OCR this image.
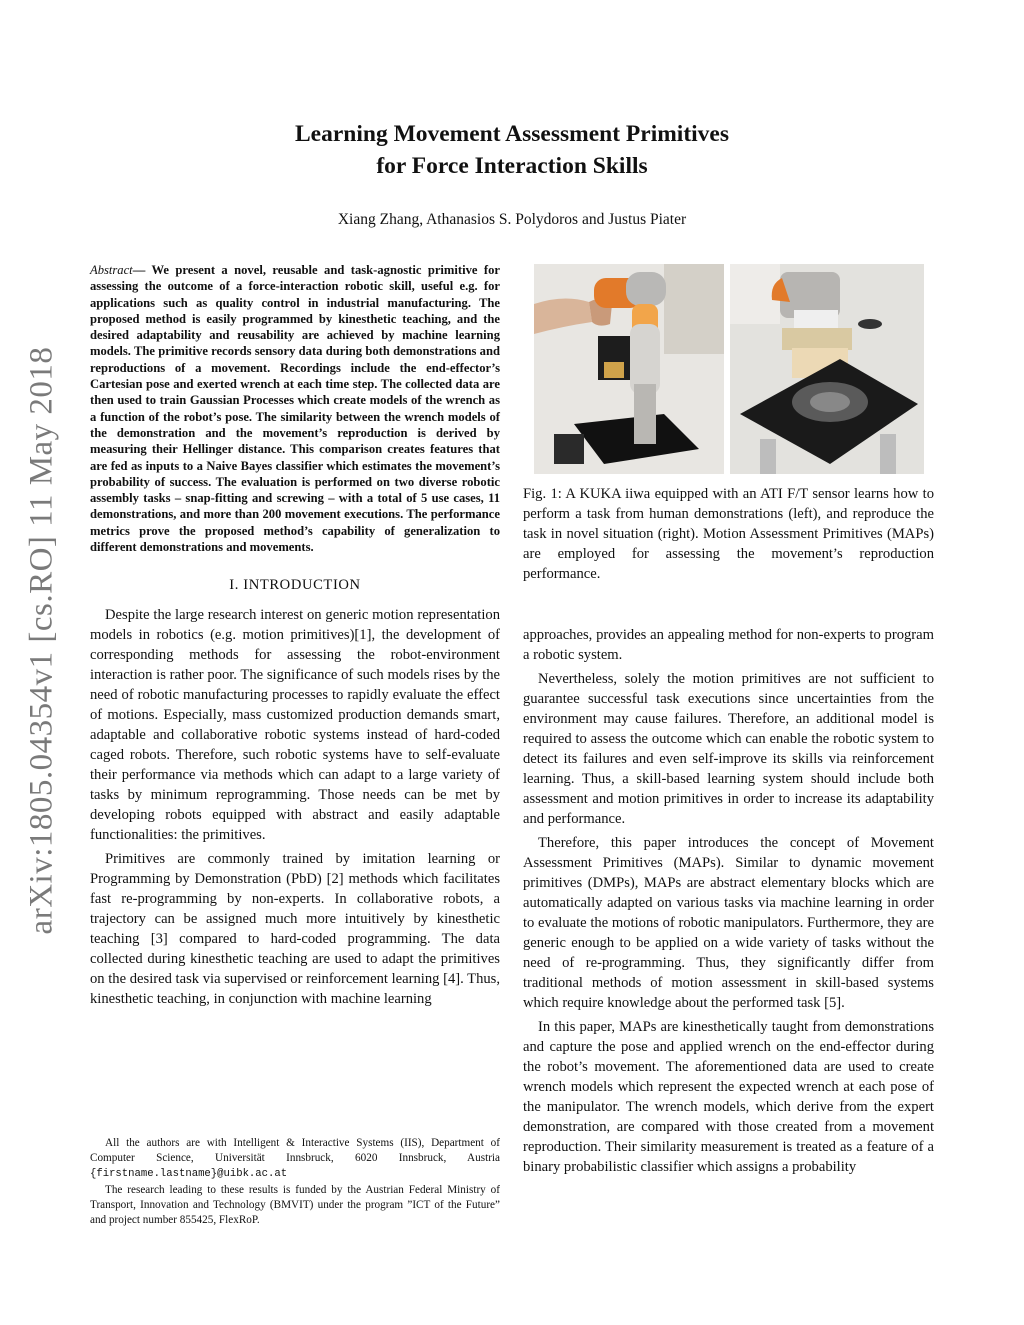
arXiv:1805.04354v1 [cs.RO] 11 May 2018
Learning Movement Assessment Primitives
for Force Interaction Skills
Xiang Zhang, Athanasios S. Polydoros and Justus Piater

Abstract— We present a novel, reusable and task-agnostic primitive for assessing the outcome of a force-interaction robotic skill, useful e.g. for applications such as quality control in industrial manufacturing. The proposed method is easily programmed by kinesthetic teaching, and the desired adaptability and reusability are achieved by machine learning models. The primitive records sensory data during both demonstrations and reproductions of a movement. Recordings include the end-effector’s Cartesian pose and exerted wrench at each time step. The collected data are then used to train Gaussian Processes which create models of the wrench as a function of the robot’s pose. The similarity between the wrench models of the demonstration and the movement’s reproduction is derived by measuring their Hellinger distance. This comparison creates features that are fed as inputs to a Naive Bayes classifier which estimates the movement’s probability of success. The evaluation is performed on two diverse robotic assembly tasks – snap-fitting and screwing – with a total of 5 use cases, 11 demonstrations, and more than 200 movement executions. The performance metrics prove the proposed method’s capability of generalization to different demonstrations and movements.

I. INTRODUCTION

Despite the large research interest on generic motion representation models in robotics (e.g. motion primitives)[1], the development of corresponding methods for assessing the robot-environment interaction is rather poor. The significance of such models rises by the need of robotic manufacturing processes to rapidly evaluate the effect of motions. Especially, mass customized production demands smart, adaptable and collaborative robotic systems instead of hard-coded caged robots. Therefore, such robotic systems have to self-evaluate their performance via methods which can adapt to a large variety of tasks by minimum reprogramming. Those needs can be met by developing robots equipped with abstract and easily adaptable functionalities: the primitives.

Primitives are commonly trained by imitation learning or Programming by Demonstration (PbD) [2] methods which facilitates fast re-programming by non-experts. In collaborative robots, a trajectory can be assigned much more intuitively by kinesthetic teaching [3] compared to hard-coded programming. The data collected during kinesthetic teaching are used to adapt the primitives on the desired task via supervised or reinforcement learning [4]. Thus, kinesthetic teaching, in conjunction with machine learning

All the authors are with Intelligent & Interactive Systems (IIS), Department of Computer Science, Universität Innsbruck, 6020 Innsbruck, Austria {firstname.lastname}@uibk.ac.at

The research leading to these results is funded by the Austrian Federal Ministry of Transport, Innovation and Technology (BMVIT) under the program ”ICT of the Future” and project number 855425, FlexRoP.

Fig. 1: A KUKA iiwa equipped with an ATI F/T sensor learns how to perform a task from human demonstrations (left), and reproduce the task in novel situation (right). Motion Assessment Primitives (MAPs) are employed for assessing the movement’s reproduction performance.

approaches, provides an appealing method for non-experts to program a robotic system.

Nevertheless, solely the motion primitives are not sufficient to guarantee successful task executions since uncertainties from the environment may cause failures. Therefore, an additional model is required to assess the outcome which can enable the robotic system to detect its failures and even self-improve its skills via reinforcement learning. Thus, a skill-based learning system should include both assessment and motion primitives in order to increase its adaptability and performance.

Therefore, this paper introduces the concept of Movement Assessment Primitives (MAPs). Similar to dynamic movement primitives (DMPs), MAPs are abstract elementary blocks which are automatically adapted on various tasks via machine learning in order to evaluate the motions of robotic manipulators. Furthermore, they are generic enough to be applied on a wide variety of tasks without the need of re-programming. Thus, they significantly differ from traditional methods of motion assessment in skill-based systems which require knowledge about the performed task [5].

In this paper, MAPs are kinesthetically taught from demonstrations and capture the pose and applied wrench on the end-effector during the robot’s movement. The aforementioned data are used to create wrench models which represent the expected wrench at each pose of the manipulator. The wrench models, which derive from the expert demonstration, are compared with those created from a movement reproduction. Their similarity measurement is treated as a feature of a binary probabilistic classifier which assigns a probability
